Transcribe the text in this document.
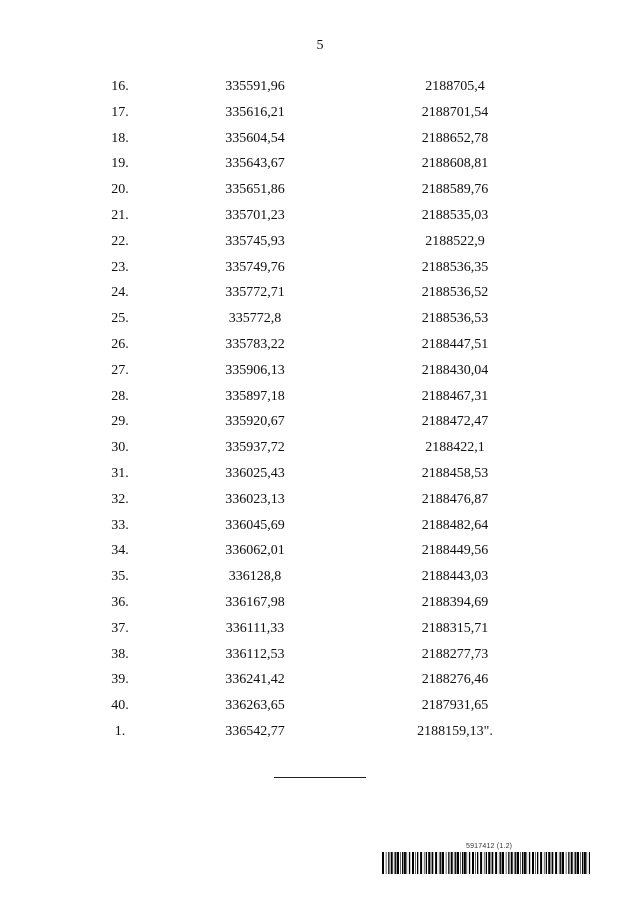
5
16.	335591,96	2188705,4
17.	335616,21	2188701,54
18.	335604,54	2188652,78
19.	335643,67	2188608,81
20.	335651,86	2188589,76
21.	335701,23	2188535,03
22.	335745,93	2188522,9
23.	335749,76	2188536,35
24.	335772,71	2188536,52
25.	335772,8	2188536,53
26.	335783,22	2188447,51
27.	335906,13	2188430,04
28.	335897,18	2188467,31
29.	335920,67	2188472,47
30.	335937,72	2188422,1
31.	336025,43	2188458,53
32.	336023,13	2188476,87
33.	336045,69	2188482,64
34.	336062,01	2188449,56
35.	336128,8	2188443,03
36.	336167,98	2188394,69
37.	336111,33	2188315,71
38.	336112,53	2188277,73
39.	336241,42	2188276,46
40.	336263,65	2187931,65
1.	336542,77	2188159,13".
5917412 (1.2)
